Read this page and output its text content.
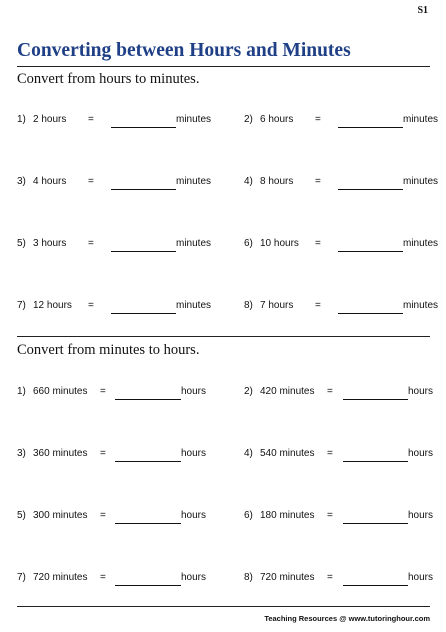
S1
Converting between Hours and Minutes
Convert from hours to minutes.
1) 2 hours =	minutes	2) 6 hours =	minutes
3) 4 hours =	minutes	4) 8 hours =	minutes
5) 3 hours =	minutes	6) 10 hours =	minutes
7) 12 hours =	minutes	8) 7 hours =	minutes
Convert from minutes to hours.
1) 660 minutes =	hours	2) 420 minutes =	hours
3) 360 minutes =	hours	4) 540 minutes =	hours
5) 300 minutes =	hours	6) 180 minutes =	hours
7) 720 minutes =	hours	8) 720 minutes =	hours
Teaching Resources @ www.tutoringhour.com
